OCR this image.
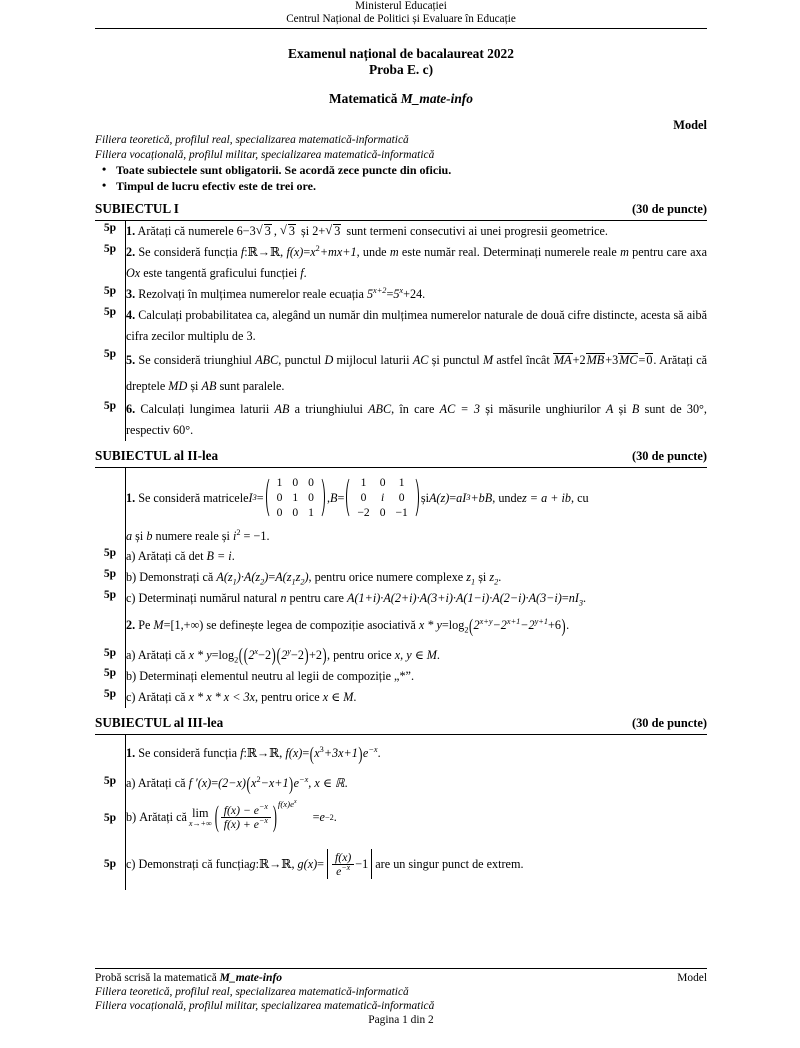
Ministerul Educației
Centrul Național de Politici și Evaluare în Educație
Examenul național de bacalaureat 2022
Proba E. c)
Matematică M_mate-info
Model
Filiera teoretică, profilul real, specializarea matematică-informatică
Filiera vocațională, profilul militar, specializarea matematică-informatică
• Toate subiectele sunt obligatorii. Se acordă zece puncte din oficiu.
• Timpul de lucru efectiv este de trei ore.
SUBIECTUL I	(30 de puncte)
5p	1. Arătați că numerele 6−3 √ 3 , √ 3 și 2+ √ 3 sunt termeni consecutivi ai unei progresii geometrice.
5p	2. Se consideră funcția f:ℝ→ℝ, $f(x)=x^2+mx+1$, unde m este număr real. Determinați numerele reale m pentru care axa Ox este tangentă graficului funcției f.
5p	3. Rezolvați în mulțimea numerelor reale ecuația $5^{x+2}=5^x+24$.
5p	4. Calculați probabilitatea ca, alegând un număr din mulțimea numerelor naturale de două cifre distincte, acesta să aibă cifra zecilor multiplu de 3.
5p	5. Se consideră triunghiul ABC, punctul D mijlocul laturii AC și punctul M astfel încât MA+2MB+3MC=0. Arătați că dreptele MD și AB sunt paralele.
5p	6. Calculați lungimea laturii AB a triunghiului ABC, în care AC = 3 și măsurile unghiurilor A și B sunt de 30°, respectiv 60°.
SUBIECTUL al II-lea	(30 de puncte)

1.
Se consideră matricele I 3 =
1	0	0
0	1	0
0	0	1
, B =
1	0	1
0	i	0
−2	0	−1
și A(z) = aI 3 +bB , unde z = a + ib , cu
a și b numere reale și $i^2 = -1$.

5p	a) Arătați că det B = i.
5p	b) Demonstrați că $A(z_1)\cdot A(z_2)=A(z_1z_2)$, pentru orice numere complexe $z_1$ și $z_2$.
5p	c) Determinați numărul natural n pentru care $A(1+i)\cdot A(2+i)\cdot A(3+i)\cdot A(1-i)\cdot A(2-i)\cdot A(3-i)=nI_3$.
	2. Pe M=[1,+∞) se definește legea de compoziție asociativă $x * y=\log_2(2^{x+y}-2^{x+1}-2^{y+1}+6)$.
5p	a) Arătați că $x * y=\log_2((2^x-2)(2^y-2)+2)$, pentru orice x, y ∈ M.
5p	b) Determinați elementul neutru al legii de compoziție „*”.
5p	c) Arătați că x * x * x < 3x, pentru orice x ∈ M.
SUBIECTUL al III-lea	(30 de puncte)
	1. Se consideră funcția f:ℝ→ℝ, $f(x)=(x^3+3x+1)e^{-x}$.
5p	a) Arătați că f $'(x)=(2-x)(x^2-x+1)e^{-x}$, x ∈ ℝ.
5p	b)
Arătați că lim
x→+∞ ( $\frac{f(x) - e^{-x}}{f(x) + e^{-x}}$ ) $f(x)e^x$
= e −2 .

5p	c)
Demonstrați că funcția g :ℝ→ℝ,
$g(x) = \frac{f(x)}{e^{-x}} -1$ are un singur punct de extrem.
Probă scrisă la matematică M_mate-info	Model
Filiera teoretică, profilul real, specializarea matematică-informatică
Filiera vocațională, profilul militar, specializarea matematică-informatică
Pagina 1 din 2
